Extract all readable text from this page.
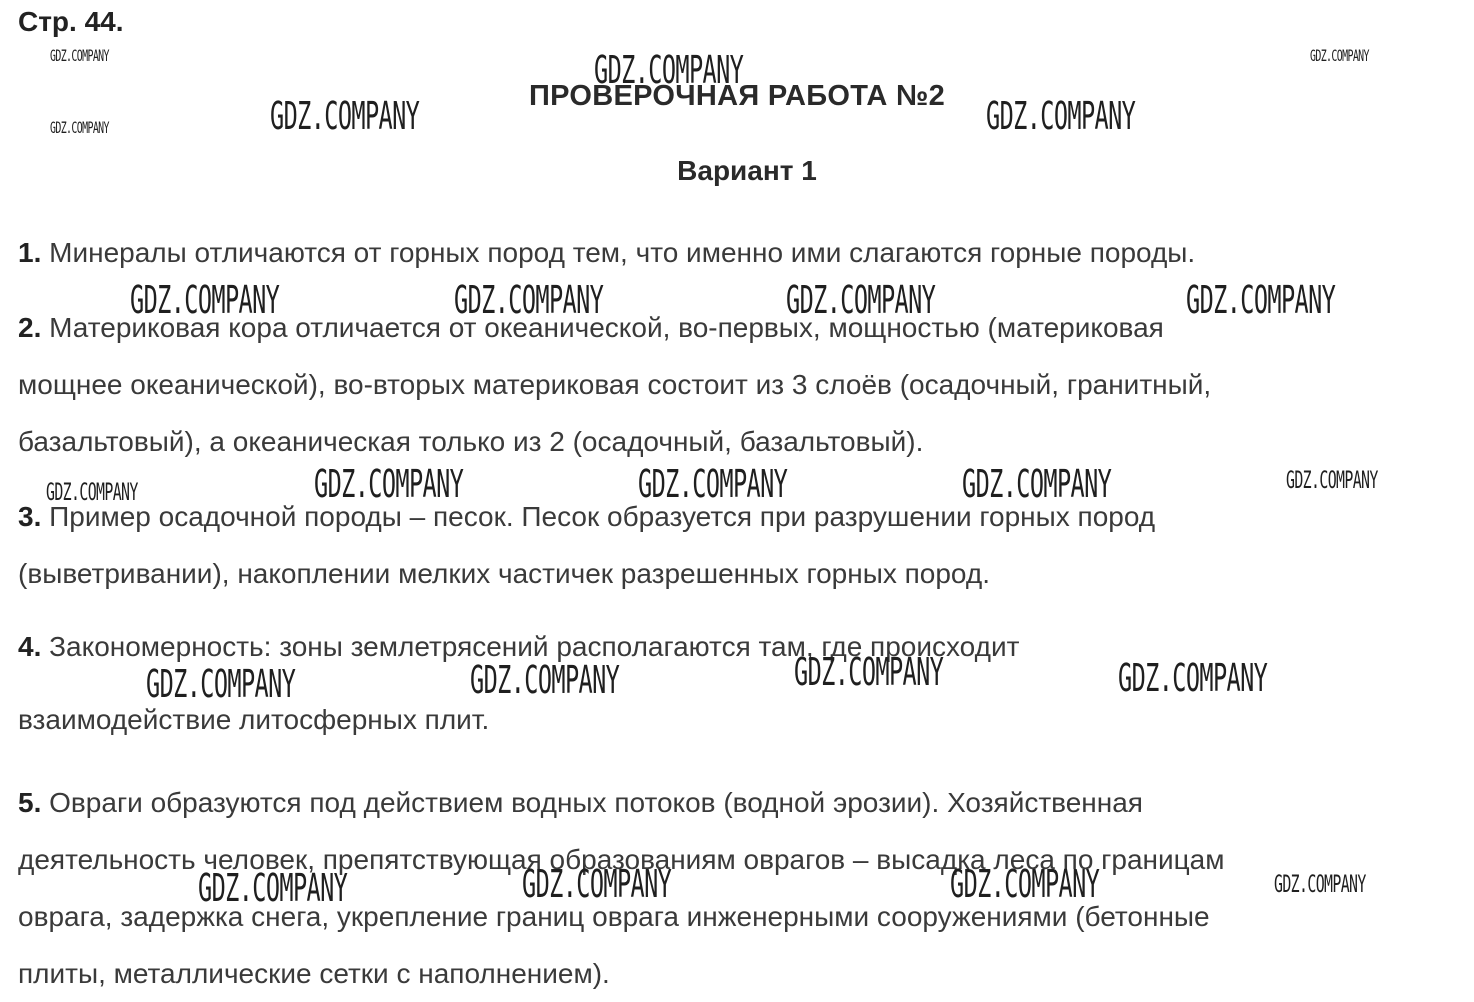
Стр. 44.
ПРОВЕРОЧНАЯ РАБОТА №2
Вариант 1

1. Минералы отличаются от горных пород тем, что именно ими слагаются горные породы.

2. Материковая кора отличается от океанической, во-первых, мощностью (материковая
мощнее океанической), во-вторых материковая состоит из 3 слоёв (осадочный, гранитный,
базальтовый), а океаническая только из 2 (осадочный, базальтовый).

3. Пример осадочной породы – песок. Песок образуется при разрушении горных пород
(выветривании), накоплении мелких частичек разрешенных горных пород.

4. Закономерность: зоны землетрясений располагаются там, где происходит
взаимодействие литосферных плит.

5. Овраги образуются под действием водных потоков (водной эрозии). Хозяйственная
деятельность человек, препятствующая образованиям оврагов – высадка леса по границам
оврага, задержка снега, укрепление границ оврага инженерными сооружениями (бетонные
плиты, металлические сетки с наполнением).

GDZ.COMPANY
GDZ.COMPANY
GDZ.COMPANY	GDZ.COMPANY
GDZ.COMPANY	GDZ.COMPANY
GDZ.COMPANY	GDZ.COMPANY	GDZ.COMPANY	GDZ.COMPANY
GDZ.COMPANY	GDZ.COMPANY	GDZ.COMPANY	GDZ.COMPANY	GDZ.COMPANY
GDZ.COMPANY	GDZ.COMPANY	GDZ.COMPANY	GDZ.COMPANY
GDZ.COMPANY	GDZ.COMPANY	GDZ.COMPANY	GDZ.COMPANY
